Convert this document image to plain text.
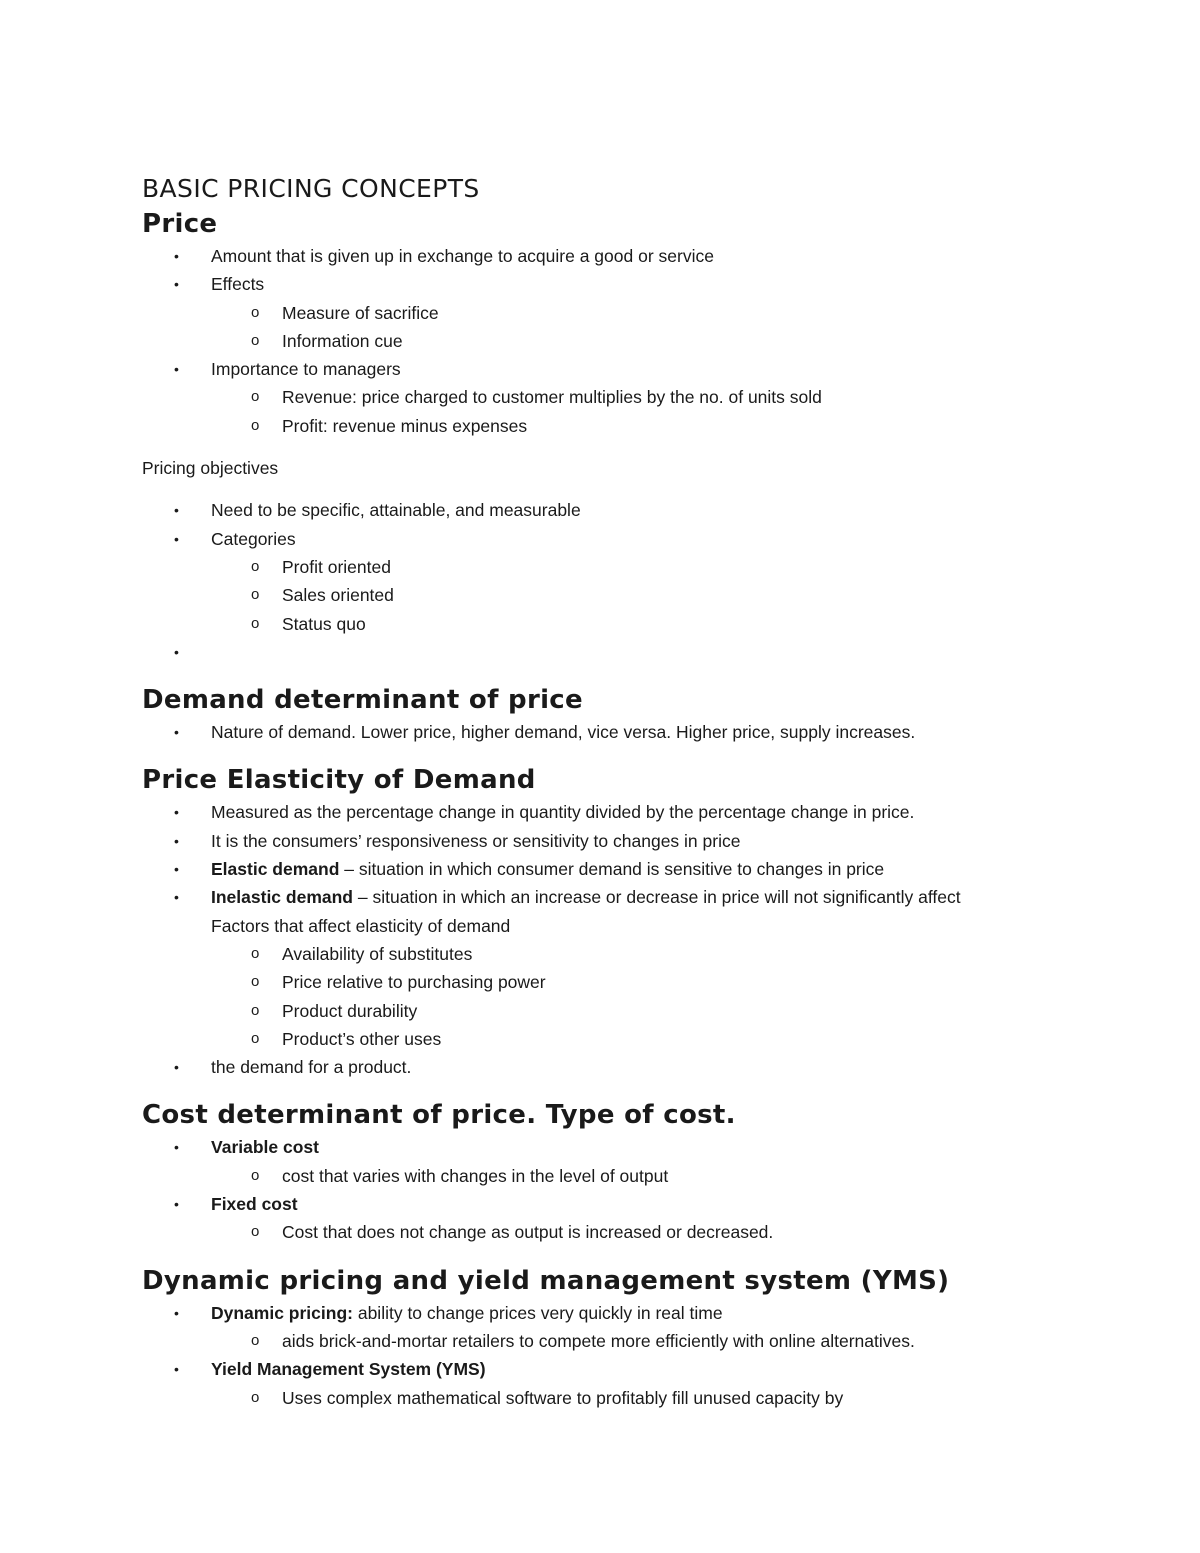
BASIC PRICING CONCEPTS
Price
• Amount that is given up in exchange to acquire a good or service
• Effects
o Measure of sacrifice
o Information cue
• Importance to managers
o Revenue: price charged to customer multiplies by the no. of units sold
o Profit: revenue minus expenses
Pricing objectives
• Need to be specific, attainable, and measurable
• Categories
o Profit oriented
o Sales oriented
o Status quo
•

Demand determinant of price
• Nature of demand. Lower price, higher demand, vice versa. Higher price, supply increases.
Price Elasticity of Demand
• Measured as the percentage change in quantity divided by the percentage change in price.
• It is the consumers’ responsiveness or sensitivity to changes in price
• Elastic demand – situation in which consumer demand is sensitive to changes in price
• Inelastic demand – situation in which an increase or decrease in price will not significantly affect
Factors that affect elasticity of demand
o Availability of substitutes
o Price relative to purchasing power
o Product durability
o Product’s other uses
• the demand for a product.
Cost determinant of price. Type of cost.
• Variable cost
o cost that varies with changes in the level of output
• Fixed cost
o Cost that does not change as output is increased or decreased.
Dynamic pricing and yield management system (YMS)
• Dynamic pricing: ability to change prices very quickly in real time
o aids brick-and-mortar retailers to compete more efficiently with online alternatives.
• Yield Management System (YMS)
o Uses complex mathematical software to profitably fill unused capacity by
